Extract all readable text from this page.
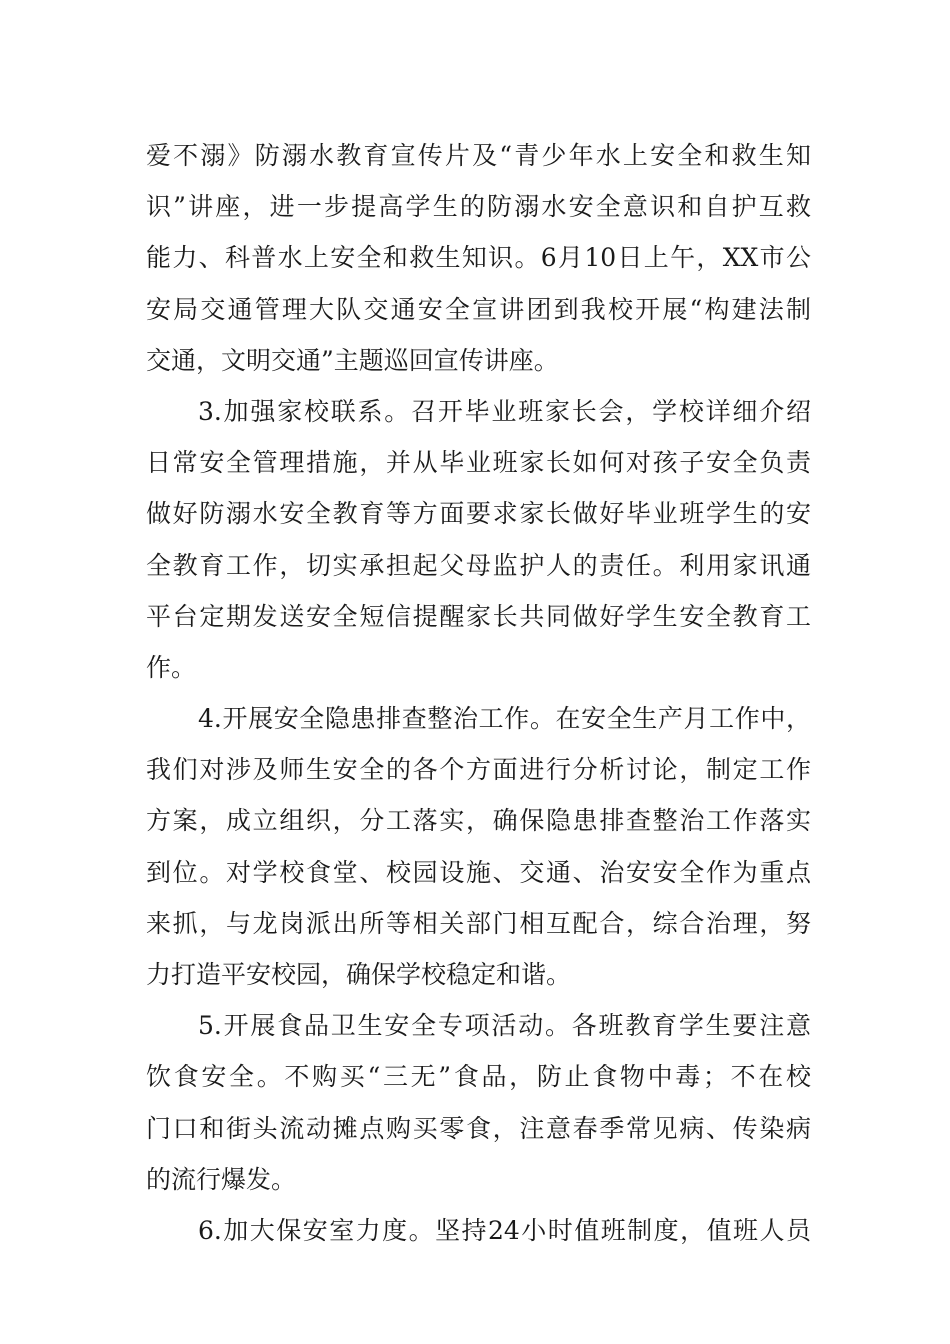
爱不溺》防溺水教育宣传片及“青少年水上安全和救生知
识”讲座，进一步提高学生的防溺水安全意识和自护互救
能力、科普水上安全和救生知识。6月10日上午，XX市公
安局交通管理大队交通安全宣讲团到我校开展“构建法制
交通，文明交通”主题巡回宣传讲座。
3.加强家校联系。召开毕业班家长会，学校详细介绍
日常安全管理措施，并从毕业班家长如何对孩子安全负责
做好防溺水安全教育等方面要求家长做好毕业班学生的安
全教育工作，切实承担起父母监护人的责任。利用家讯通
平台定期发送安全短信提醒家长共同做好学生安全教育工
作。
4.开展安全隐患排查整治工作。在安全生产月工作中，
我们对涉及师生安全的各个方面进行分析讨论，制定工作
方案，成立组织，分工落实，确保隐患排查整治工作落实
到位。对学校食堂、校园设施、交通、治安安全作为重点
来抓，与龙岗派出所等相关部门相互配合，综合治理，努
力打造平安校园，确保学校稳定和谐。
5.开展食品卫生安全专项活动。各班教育学生要注意
饮食安全。不购买“三无”食品，防止食物中毒；不在校
门口和街头流动摊点购买零食，注意春季常见病、传染病
的流行爆发。
6.加大保安室力度。坚持24小时值班制度，值班人员
